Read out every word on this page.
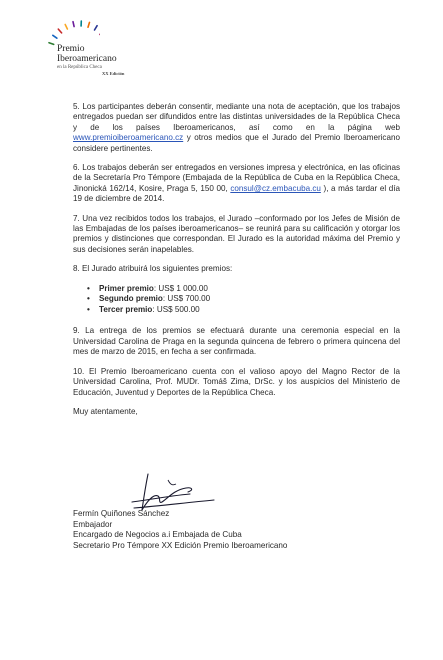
Premio
Iberoamericano
en la República Checa
XX Edición

5. Los participantes deberán consentir, mediante una nota de aceptación, que los trabajos entregados puedan ser difundidos entre las distintas universidades de la República Checa y de los países Iberoamericanos, así como en la página web www.premioiberoamericano.cz y otros medios que el Jurado del Premio Iberoamericano considere pertinentes.

6. Los trabajos deberán ser entregados en versiones impresa y electrónica, en las oficinas de la Secretaría Pro Témpore (Embajada de la República de Cuba en la República Checa, Jinonická 162/14, Kosire, Praga 5, 150 00, consul@cz.embacuba.cu ), a más tardar el día 19 de diciembre de 2014.

7. Una vez recibidos todos los trabajos, el Jurado –conformado por los Jefes de Misión de las Embajadas de los países iberoamericanos– se reunirá para su calificación y otorgar los premios y distinciones que correspondan. El Jurado es la autoridad máxima del Premio y sus decisiones serán inapelables.

8. El Jurado atribuirá los siguientes premios:

• Primer premio: US$ 1 000.00
• Segundo premio: US$ 700.00
• Tercer premio: US$ 500.00

9. La entrega de los premios se efectuará durante una ceremonia especial en la Universidad Carolina de Praga en la segunda quincena de febrero o primera quincena del mes de marzo de 2015, en fecha a ser confirmada.

10. El Premio Iberoamericano cuenta con el valioso apoyo del Magno Rector de la Universidad Carolina, Prof. MUDr. Tomáš Zima, DrSc. y los auspicios del Ministerio de Educación, Juventud y Deportes de la República Checa.

Muy atentamente,

Fermín Quiñones Sánchez
Embajador
Encargado de Negocios a.i Embajada de Cuba
Secretario Pro Témpore XX Edición Premio Iberoamericano
